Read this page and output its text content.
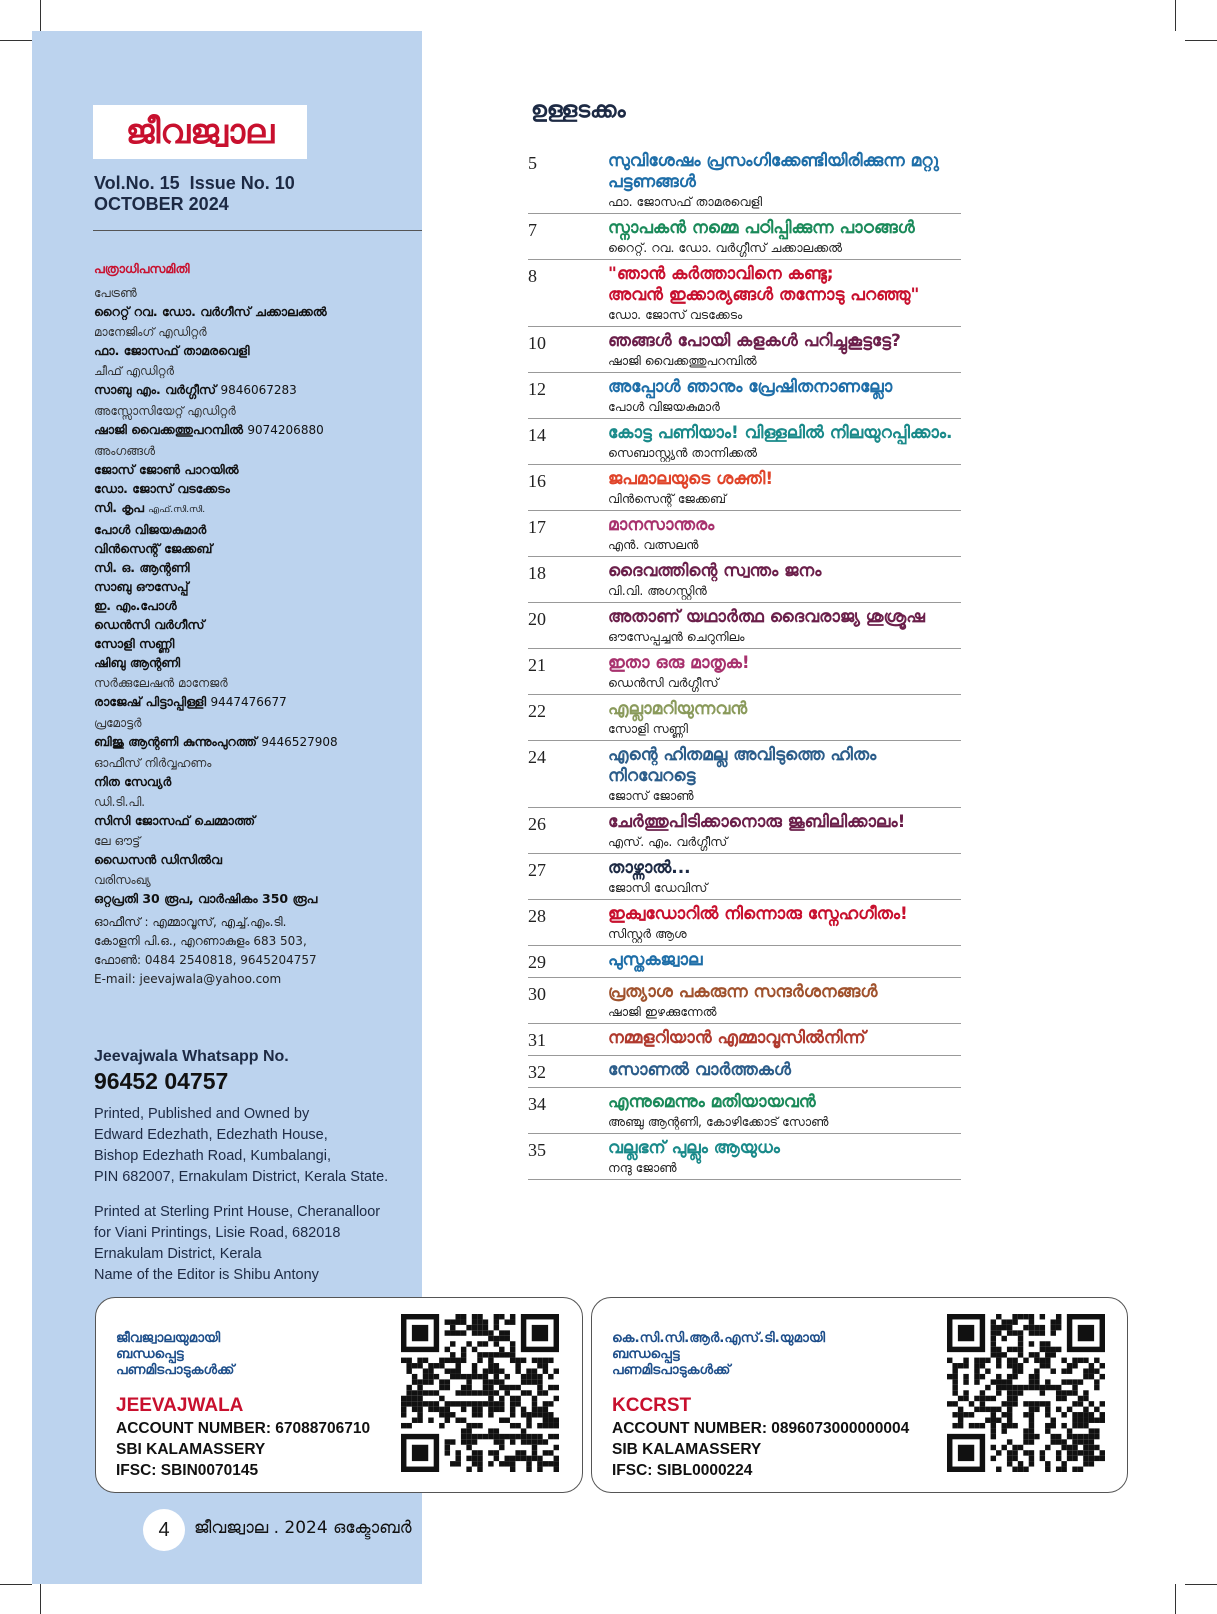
ജീവജ്വാല
Vol.No. 15  Issue No. 10
OCTOBER 2024
പത്രാധിപസമിതി
പേട്രൺ
റൈറ്റ് റവ. ഡോ. വർഗീസ് ചക്കാലക്കൽ
മാനേജിംഗ് എഡിറ്റർ
ഫാ. ജോസഫ് താമരവെളി
ചീഫ് എഡിറ്റർ
സാബു എം. വർഗ്ഗീസ് 9846067283
അസ്സോസിയേറ്റ് എഡിറ്റർ
ഷാജി വൈക്കത്തുപറമ്പിൽ 9074206880
അംഗങ്ങൾ
ജോസ് ജോൺ പാറയിൽ
ഡോ. ജോസ് വടക്കേടം
സി. കൃപ എഫ്.സി.സി.
പോൾ വിജയകുമാർ
വിൻസെന്റ് ജേക്കബ്
സി. ഒ. ആന്റണി
സാബു ഔസേപ്പ്
ഇ. എം.പോൾ
ഡെൻസി വർഗീസ്
സോളി സണ്ണി
ഷിബു ആന്റണി
സർക്കുലേഷൻ മാനേജർ
രാജേഷ് പിട്ടാപ്പിള്ളി 9447476677
പ്രമോട്ടർ
ബിജു ആന്റണി കുന്നുംപുറത്ത് 9446527908
ഓഫീസ് നിർവ്വഹണം
നിത സേവ്യർ
ഡി.ടി.പി.
സിസി ജോസഫ് ചെമ്മാത്ത്
ലേ ഔട്ട്
ഡൈസൻ ഡിസിൽവ
വരിസംഖ്യ
ഒറ്റപ്രതി 30 രൂപ, വാർഷികം 350 രൂപ
ഓഫീസ് : എമ്മാവൂസ്, എച്ച്.എം.ടി.
കോളനി പി.ഒ., എറണാകുളം 683 503,
ഫോൺ: 0484 2540818, 9645204757
E-mail: jeevajwala@yahoo.com
Jeevajwala Whatsapp No.
96452 04757
Printed, Published and Owned by
Edward Edezhath, Edezhath House,
Bishop Edezhath Road, Kumbalangi,
PIN 682007, Ernakulam District, Kerala State.
Printed at Sterling Print House, Cheranalloor
for Viani Printings, Lisie Road, 682018
Ernakulam District, Kerala
Name of the Editor is Shibu Antony
ഉള്ളടക്കം
5	സുവിശേഷം പ്രസംഗിക്കേണ്ടിയിരിക്കുന്ന മറ്റു പട്ടണങ്ങൾ
ഫാ. ജോസഫ് താമരവെളി
7	സ്നാപകൻ നമ്മെ പഠിപ്പിക്കുന്ന പാഠങ്ങൾ
റൈറ്റ്. റവ. ഡോ. വർഗ്ഗീസ് ചക്കാലക്കൽ
8	"ഞാൻ കർത്താവിനെ കണ്ടു;
അവൻ ഇക്കാര്യങ്ങൾ തന്നോടു പറഞ്ഞു"
ഡോ. ജോസ് വടക്കേടം
10	ഞങ്ങൾ പോയി കളകൾ പറിച്ചുകൂട്ടട്ടേ?
ഷാജി വൈക്കത്തുപറമ്പിൽ
12	അപ്പോൾ ഞാനും പ്രേഷിതനാണല്ലോ
പോൾ വിജയകുമാർ
14	കോട്ട പണിയാം! വിള്ളലിൽ നിലയുറപ്പിക്കാം.
സെബാസ്റ്റ്യൻ താന്നിക്കൽ
16	ജപമാലയുടെ ശക്തി!
വിൻസെന്റ് ജേക്കബ്
17	മാനസാന്തരം
എൻ. വത്സലൻ
18	ദൈവത്തിന്റെ സ്വന്തം ജനം
വി.വി. അഗസ്റ്റിൻ
20	അതാണ് യഥാർത്ഥ ദൈവരാജ്യ ശുശ്രൂഷ
ഔസേപ്പച്ചൻ ചെറുനിലം
21	ഇതാ ഒരു മാതൃക!
ഡെൻസി വർഗ്ഗീസ്
22	എല്ലാമറിയുന്നവൻ
സോളി സണ്ണി
24	എന്റെ ഹിതമല്ല അവിടുത്തെ ഹിതം നിറവേറട്ടെ
ജോസ് ജോൺ
26	ചേർത്തുപിടിക്കാനൊരു ജൂബിലിക്കാലം!
എസ്. എം. വർഗ്ഗീസ്
27	താഴ്ന്നാൽ...
ജോസി ഡേവിസ്
28	ഇക്വഡോറിൽ നിന്നൊരു സ്നേഹഗീതം!
സിസ്റ്റർ ആശ
29	പുസ്തകജ്വാല
30	പ്രത്യാശ പകരുന്ന സന്ദർശനങ്ങൾ
ഷാജി ഇഴക്കുന്നേൽ
31	നമ്മളറിയാൻ എമ്മാവൂസിൽനിന്ന്
32	സോണൽ വാർത്തകൾ
34	എന്നുമെന്നും മതിയായവൻ
അഞ്ചു ആന്റണി, കോഴിക്കോട് സോൺ
35	വല്ലഭന് പുല്ലും ആയുധം
നന്ദു ജോൺ
ജീവജ്വാലയുമായി
ബന്ധപ്പെട്ട
പണമിടപാടുകൾക്ക്
JEEVAJWALA
ACCOUNT NUMBER: 67088706710
SBI KALAMASSERY
IFSC: SBIN0070145
കെ.സി.സി.ആർ.എസ്.ടി.യുമായി
ബന്ധപ്പെട്ട
പണമിടപാടുകൾക്ക്
KCCRST
ACCOUNT NUMBER: 0896073000000004
SIB KALAMASSERY
IFSC: SIBL0000224
4	ജീവജ്വാല . 2024 ഒക്ടോബർ
